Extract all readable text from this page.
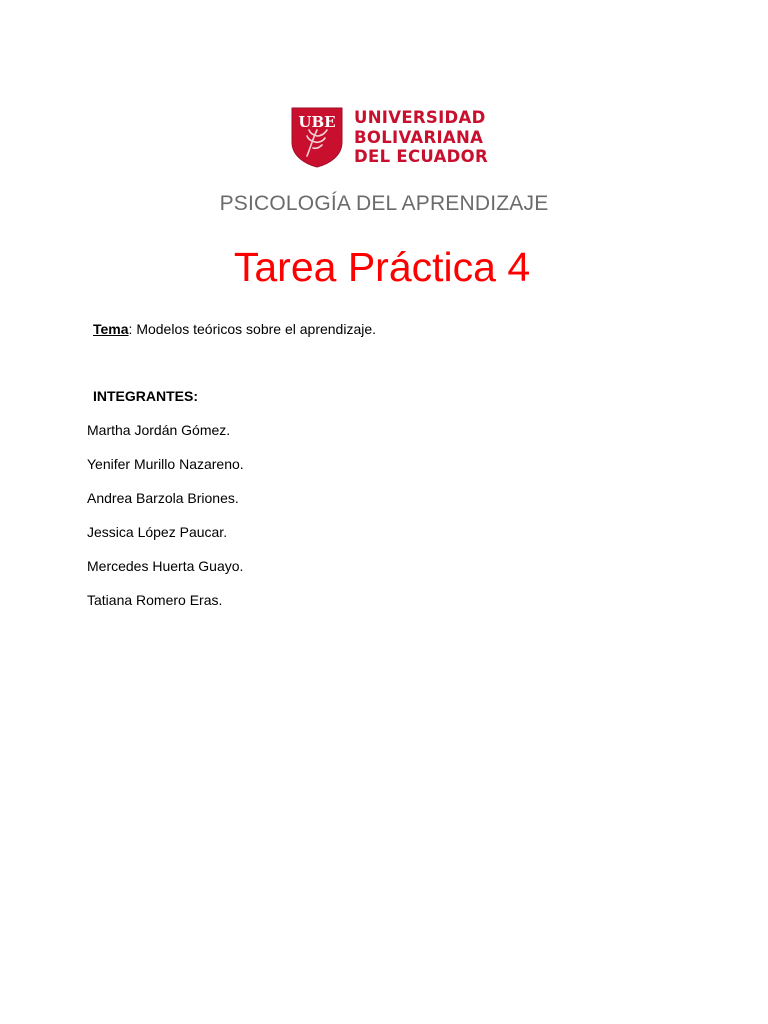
UBE UNIVERSIDAD
BOLIVARIANA
DEL ECUADOR
PSICOLOGÍA DEL APRENDIZAJE
Tarea Práctica 4
Tema: Modelos teóricos sobre el aprendizaje.
INTEGRANTES:
Martha Jordán Gómez.
Yenifer Murillo Nazareno.
Andrea Barzola Briones.
Jessica López Paucar.
Mercedes Huerta Guayo.
Tatiana Romero Eras.
